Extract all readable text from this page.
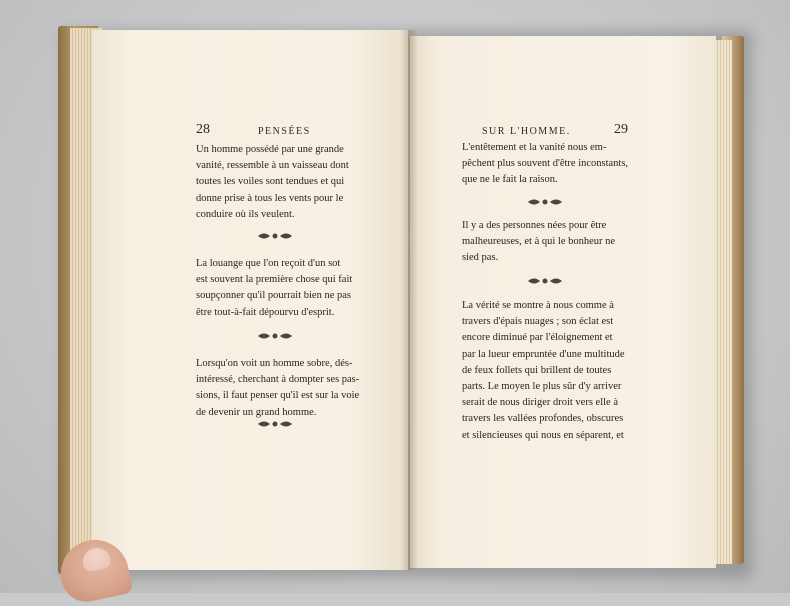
28	PENSÉES
Un homme possédé par une grande
vanité, ressemble à un vaisseau dont
toutes les voiles sont tendues et qui
donne prise à tous les vents pour le
conduire où ils veulent.
La louange que l'on reçoit d'un sot
est souvent la première chose qui fait
soupçonner qu'il pourrait bien ne pas
être tout-à-fait dépourvu d'esprit.
Lorsqu'on voit un homme sobre, dés-
intéressé, cherchant à dompter ses pas-
sions, il faut penser qu'il est sur la voie
de devenir un grand homme.
SUR L'HOMME.	29
L'entêtement et la vanité nous em-
pêchent plus souvent d'être inconstants,
que ne le fait la raison.
Il y a des personnes nées pour être
malheureuses, et à qui le bonheur ne
sied pas.
La vérité se montre à nous comme à
travers d'épais nuages ; son éclat est
encore diminué par l'éloignement et
par la lueur empruntée d'une multitude
de feux follets qui brillent de toutes
parts. Le moyen le plus sûr d'y arriver
serait de nous diriger droit vers elle à
travers les vallées profondes, obscures
et silencieuses qui nous en séparent, et
